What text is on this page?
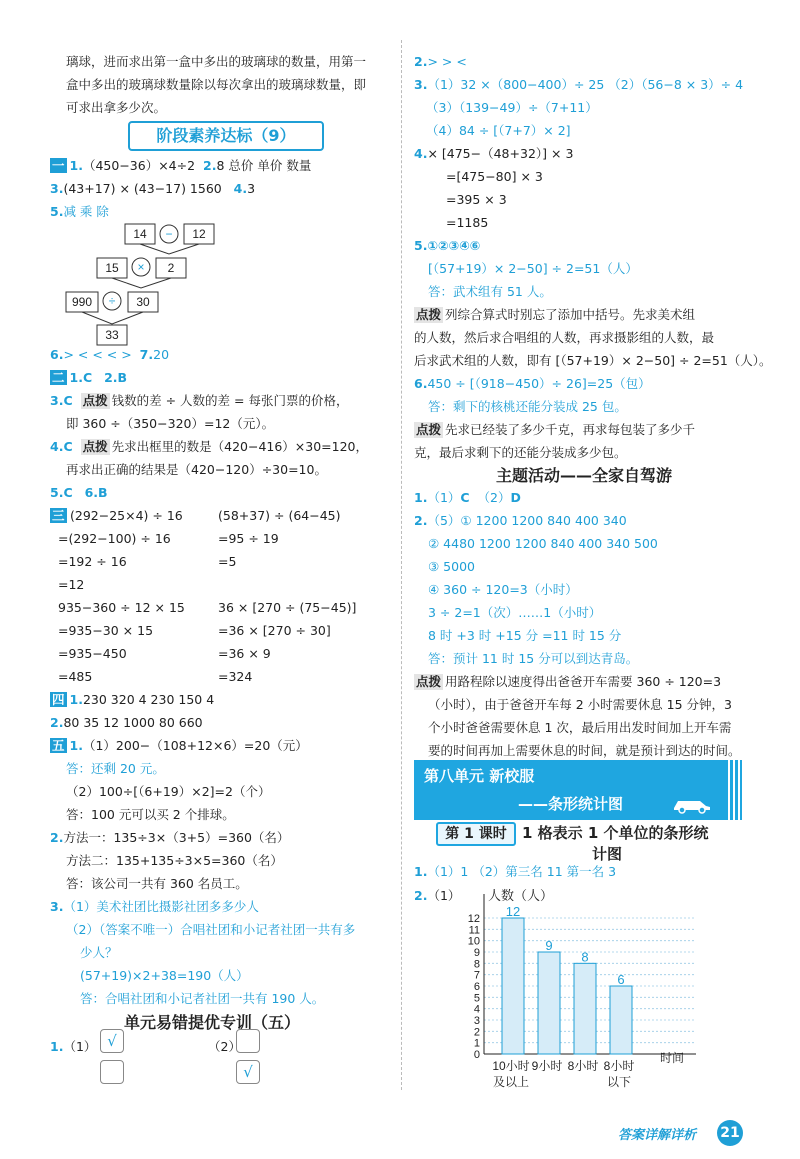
璃球，进而求出第一盒中多出的玻璃球的数量，用第一
盒中多出的玻璃球数量除以每次拿出的玻璃球数量，即
可求出拿多少次。
阶段素养达标（9）
一 1.（450−36）×4÷2 2.8 总价 单价 数量
3.(43+17) × (43−17) 1560 4.3
5.减 乘 除
14	12
−
15	2
×
990	30
÷
33
6.> < < < > 7.20
二 1.C 2.B
3.C 点拨 钱数的差 ÷ 人数的差 = 每张门票的价格，
即 360 ÷（350−320）=12（元）。
4.C 点拨 先求出框里的数是（420−416）×30=120，
再求出正确的结果是（420−120）÷30=10。
5.C 6.B
三 (292−25×4) ÷ 16	(58+37) ÷ (64−45)
=(292−100) ÷ 16	=95 ÷ 19
=192 ÷ 16	=5
=12
935−360 ÷ 12 × 15	36 × [270 ÷ (75−45)]
=935−30 × 15	=36 × [270 ÷ 30]
=935−450	=36 × 9
=485	=324
四 1.230 320 4 230 150 4
2.80 35 12 1000 80 660
五 1.（1）200−（108+12×6）=20（元）
答：还剩 20 元。
（2）100÷[（6+19）×2]=2（个）
答：100 元可以买 2 个排球。
2.方法一：135÷3×（3+5）=360（名）
方法二：135+135÷3×5=360（名）
答：该公司一共有 360 名员工。
3.（1）美术社团比摄影社团多多少人
（2）（答案不唯一）合唱社团和小记者社团一共有多
少人？
(57+19)×2+38=190（人）
答：合唱社团和小记者社团一共有 190 人。
单元易错提优专训（五）
1.（1）	（2）
√
√
2.> > <
3.（1）32 ×（800−400）÷ 25 （2）（56−8 × 3）÷ 4
（3）（139−49）÷（7+11）
（4）84 ÷ [（7+7）× 2]
4.× [475−（48+32）] × 3
=[475−80] × 3
=395 × 3
=1185
5.①②③④⑥
[（57+19）× 2−50] ÷ 2=51（人）
答：武术组有 51 人。
点拨 列综合算式时别忘了添加中括号。先求美术组
的人数，然后求合唱组的人数，再求摄影组的人数，最
后求武术组的人数，即有 [（57+19）× 2−50] ÷ 2=51（人）。
6.450 ÷ [（918−450）÷ 26]=25（包）
答：剩下的核桃还能分装成 25 包。
点拨 先求已经装了多少千克，再求每包装了多少千
克，最后求剩下的还能分装成多少包。
主题活动——全家自驾游
1.（1）C （2）D
2.（5）① 1200 1200 840 400 340
② 4480 1200 1200 840 400 340 500
③ 5000
④ 360 ÷ 120=3（小时）
3 ÷ 2=1（次）……1（小时）
8 时 +3 时 +15 分 =11 时 15 分
答：预计 11 时 15 分可以到达青岛。
点拨 用路程除以速度得出爸爸开车需要 360 ÷ 120=3
（小时），由于爸爸开车每 2 小时需要休息 15 分钟，3
个小时爸爸需要休息 1 次，最后用出发时间加上开车需
要的时间再加上需要休息的时间，就是预计到达的时间。
第八单元 新校服
——条形统计图
第 1 课时	1 格表示 1 个单位的条形统
计图
1.（1）1 （2）第三名 11 第一名 3
2.（1） 人数（人）
时间
12
9
8
6
0
1
2
3
4
5
6
7
8
9
10
11
12
10小时
及以上
9小时 8小时 8小时
以下
答案详解详析 21
